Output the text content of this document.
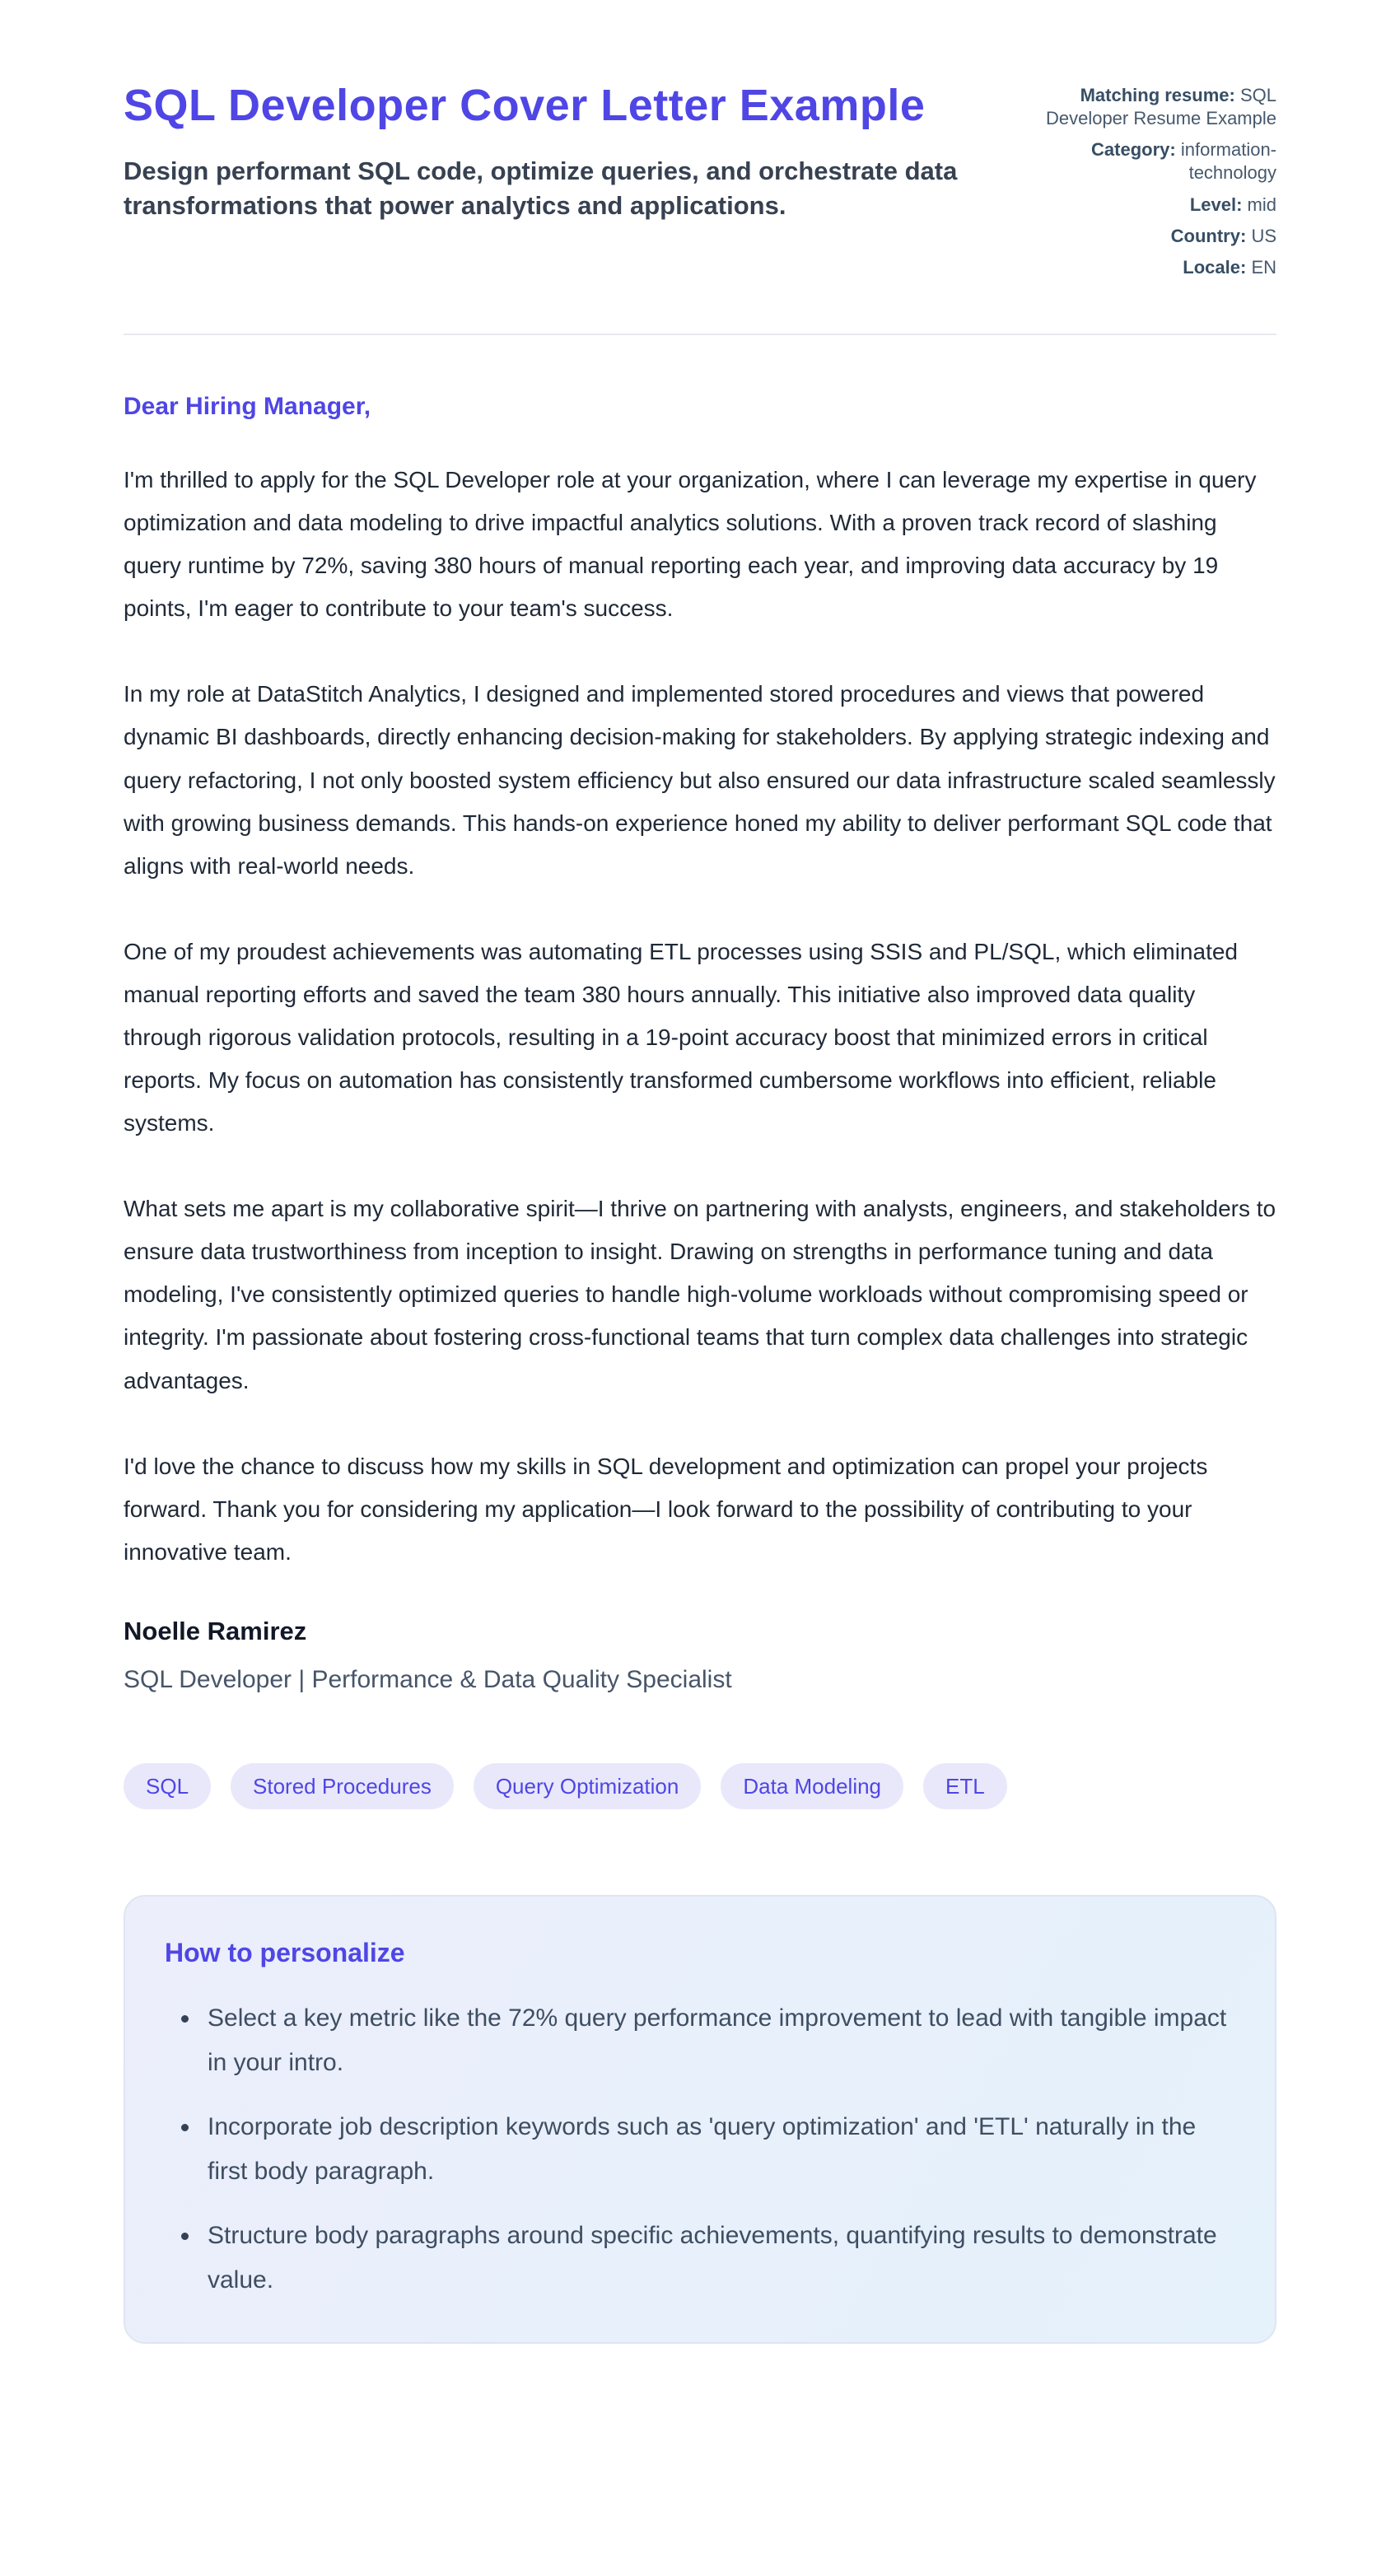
SQL Developer Cover Letter Example

Design performant SQL code, optimize queries, and orchestrate data transformations that power analytics and applications.

Matching resume: SQL Developer Resume Example
Category: information-technology
Level: mid
Country: US
Locale: EN
Dear Hiring Manager,

I'm thrilled to apply for the SQL Developer role at your organization, where I can leverage my expertise in query optimization and data modeling to drive impactful analytics solutions. With a proven track record of slashing query runtime by 72%, saving 380 hours of manual reporting each year, and improving data accuracy by 19 points, I'm eager to contribute to your team's success.

In my role at DataStitch Analytics, I designed and implemented stored procedures and views that powered dynamic BI dashboards, directly enhancing decision-making for stakeholders. By applying strategic indexing and query refactoring, I not only boosted system efficiency but also ensured our data infrastructure scaled seamlessly with growing business demands. This hands-on experience honed my ability to deliver performant SQL code that aligns with real-world needs.

One of my proudest achievements was automating ETL processes using SSIS and PL/SQL, which eliminated manual reporting efforts and saved the team 380 hours annually. This initiative also improved data quality through rigorous validation protocols, resulting in a 19-point accuracy boost that minimized errors in critical reports. My focus on automation has consistently transformed cumbersome workflows into efficient, reliable systems.

What sets me apart is my collaborative spirit—I thrive on partnering with analysts, engineers, and stakeholders to ensure data trustworthiness from inception to insight. Drawing on strengths in performance tuning and data modeling, I've consistently optimized queries to handle high-volume workloads without compromising speed or integrity. I'm passionate about fostering cross-functional teams that turn complex data challenges into strategic advantages.

I'd love the chance to discuss how my skills in SQL development and optimization can propel your projects forward. Thank you for considering my application—I look forward to the possibility of contributing to your innovative team.

Noelle Ramirez
SQL Developer | Performance & Data Quality Specialist
SQL	Stored Procedures	Query Optimization	Data Modeling	ETL
How to personalize
• Select a key metric like the 72% query performance improvement to lead with tangible impact in your intro.
• Incorporate job description keywords such as 'query optimization' and 'ETL' naturally in the first body paragraph.
• Structure body paragraphs around specific achievements, quantifying results to demonstrate value.
